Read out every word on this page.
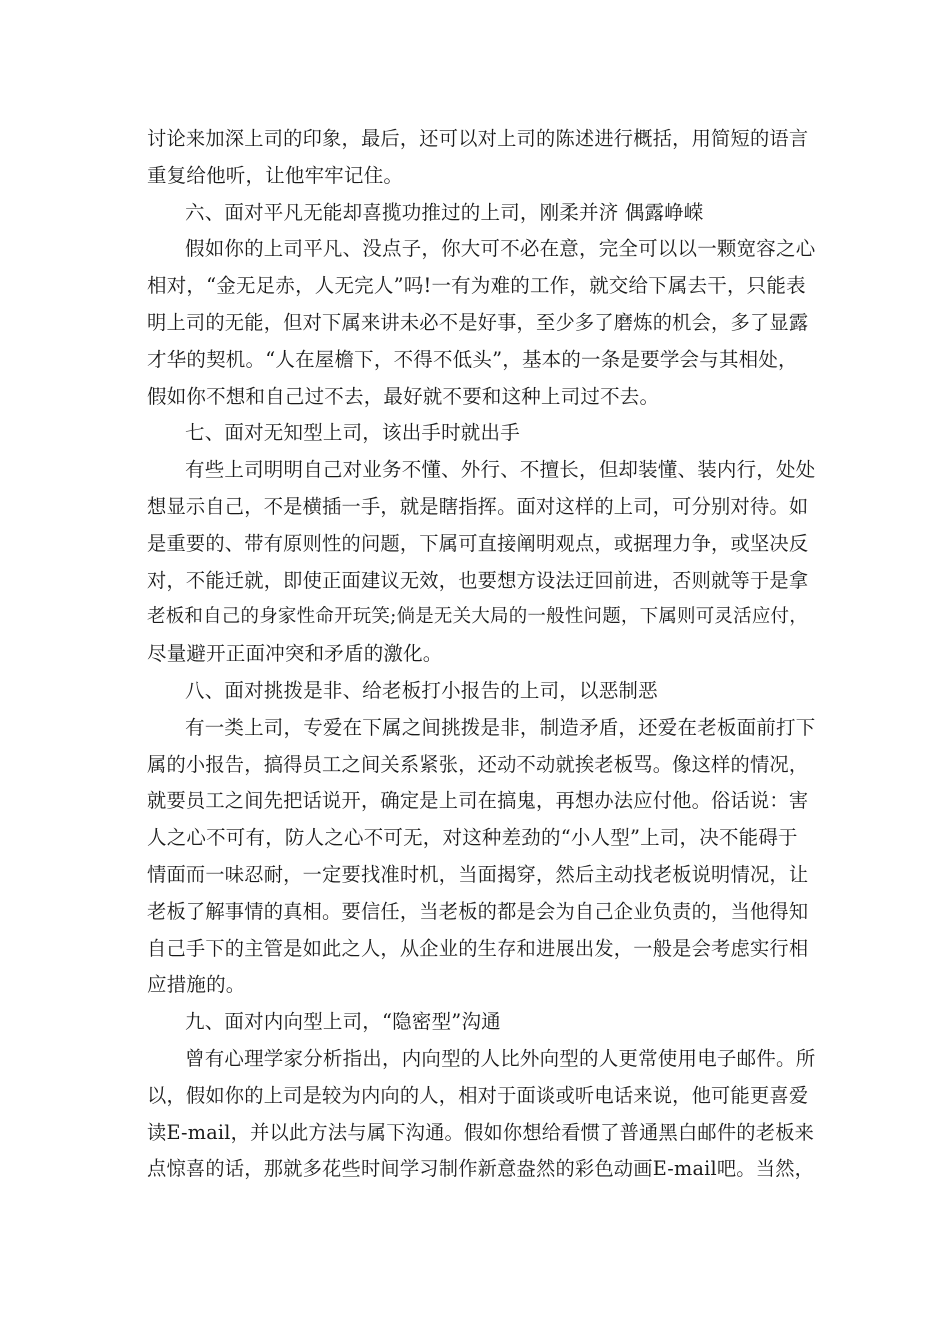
讨论来加深上司的印象，最后，还可以对上司的陈述进行概括，用简短的语言
重复给他听，让他牢牢记住。
六、面对平凡无能却喜揽功推过的上司，刚柔并济 偶露峥嵘
假如你的上司平凡、没点子，你大可不必在意，完全可以以一颗宽容之心
相对，“金无足赤，人无完人”吗!一有为难的工作，就交给下属去干，只能表
明上司的无能，但对下属来讲未必不是好事，至少多了磨炼的机会，多了显露
才华的契机。“人在屋檐下，不得不低头”，基本的一条是要学会与其相处，
假如你不想和自己过不去，最好就不要和这种上司过不去。
七、面对无知型上司，该出手时就出手
有些上司明明自己对业务不懂、外行、不擅长，但却装懂、装内行，处处
想显示自己，不是横插一手，就是瞎指挥。面对这样的上司，可分别对待。如
是重要的、带有原则性的问题，下属可直接阐明观点，或据理力争，或坚决反
对，不能迁就，即使正面建议无效，也要想方设法迂回前进，否则就等于是拿
老板和自己的身家性命开玩笑;倘是无关大局的一般性问题，下属则可灵活应付，
尽量避开正面冲突和矛盾的激化。
八、面对挑拨是非、给老板打小报告的上司，以恶制恶
有一类上司，专爱在下属之间挑拨是非，制造矛盾，还爱在老板面前打下
属的小报告，搞得员工之间关系紧张，还动不动就挨老板骂。像这样的情况，
就要员工之间先把话说开，确定是上司在搞鬼，再想办法应付他。俗话说：害
人之心不可有，防人之心不可无，对这种差劲的“小人型”上司，决不能碍于
情面而一味忍耐，一定要找准时机，当面揭穿，然后主动找老板说明情况，让
老板了解事情的真相。要信任，当老板的都是会为自己企业负责的，当他得知
自己手下的主管是如此之人，从企业的生存和进展出发，一般是会考虑实行相
应措施的。
九、面对内向型上司，“隐密型”沟通
曾有心理学家分析指出，内向型的人比外向型的人更常使用电子邮件。所
以，假如你的上司是较为内向的人，相对于面谈或听电话来说，他可能更喜爱
读E-mail，并以此方法与属下沟通。假如你想给看惯了普通黑白邮件的老板来
点惊喜的话，那就多花些时间学习制作新意盎然的彩色动画E-mail吧。当然，
